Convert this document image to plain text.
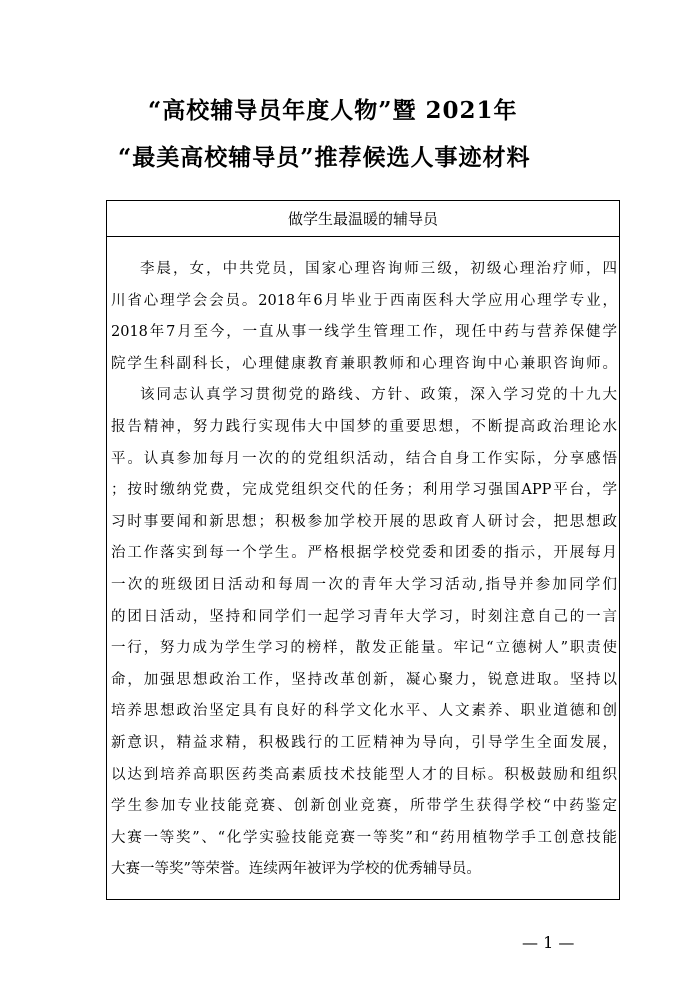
“高校辅导员年度人物”暨 2021年
“最美高校辅导员”推荐候选人事迹材料
做学生最温暖的辅导员
李晨，女，中共党员，国家心理咨询师三级，初级心理治疗师，四
川省心理学会会员。2018年6月毕业于西南医科大学应用心理学专业，
2018年7月至今，一直从事一线学生管理工作，现任中药与营养保健学
院学生科副科长，心理健康教育兼职教师和心理咨询中心兼职咨询师。
该同志认真学习贯彻党的路线、方针、政策，深入学习党的十九大
报告精神，努力践行实现伟大中国梦的重要思想，不断提高政治理论水
平。认真参加每月一次的的党组织活动，结合自身工作实际，分享感悟
；按时缴纳党费，完成党组织交代的任务；利用学习强国APP平台，学
习时事要闻和新思想；积极参加学校开展的思政育人研讨会，把思想政
治工作落实到每一个学生。严格根据学校党委和团委的指示，开展每月
一次的班级团日活动和每周一次的青年大学习活动,指导并参加同学们
的团日活动，坚持和同学们一起学习青年大学习，时刻注意自己的一言
一行，努力成为学生学习的榜样，散发正能量。牢记“立德树人”职责使
命，加强思想政治工作，坚持改革创新，凝心聚力，锐意进取。坚持以
培养思想政治坚定具有良好的科学文化水平、人文素养、职业道德和创
新意识，精益求精，积极践行的工匠精神为导向，引导学生全面发展，
以达到培养高职医药类高素质技术技能型人才的目标。积极鼓励和组织
学生参加专业技能竞赛、创新创业竞赛，所带学生获得学校“中药鉴定
大赛一等奖”、“化学实验技能竞赛一等奖”和“药用植物学手工创意技能
大赛一等奖”等荣誉。连续两年被评为学校的优秀辅导员。
— 1 —
